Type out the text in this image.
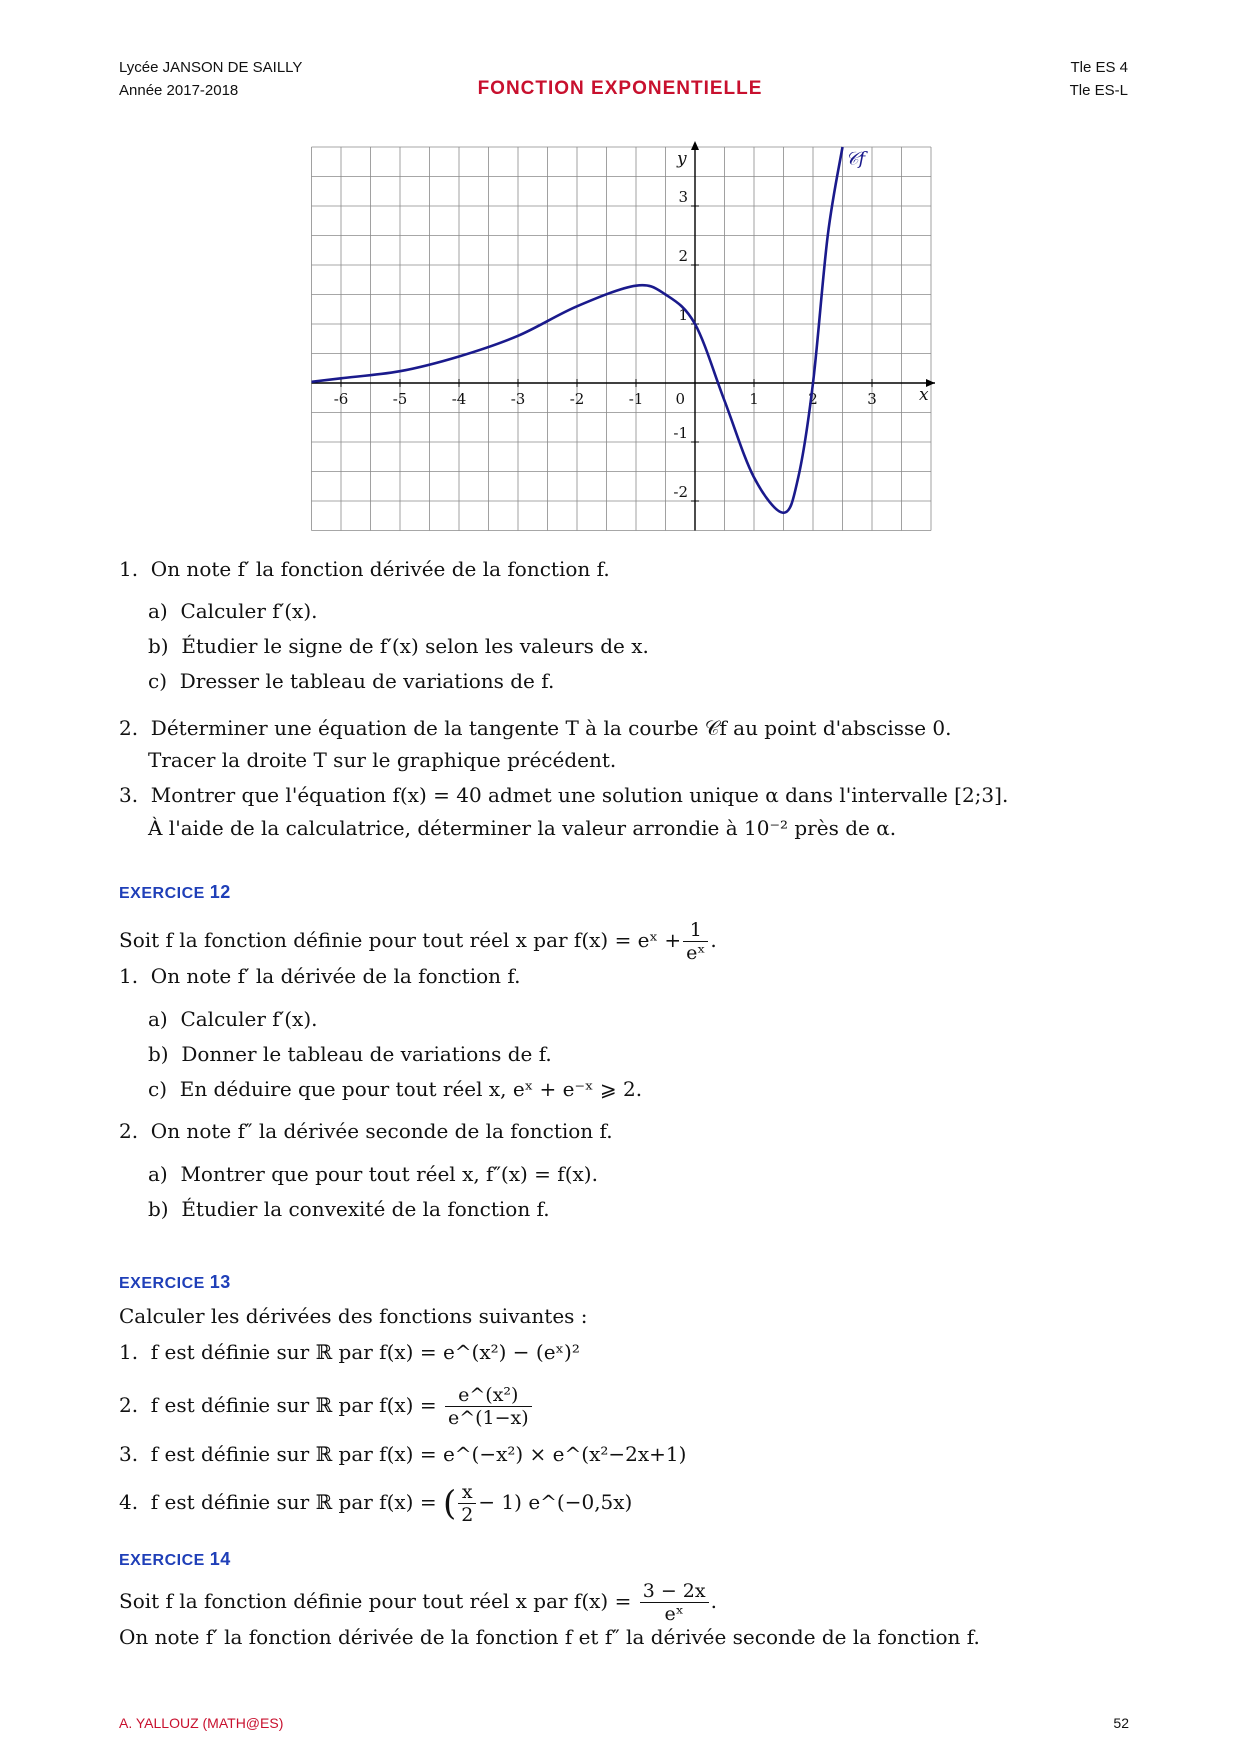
Lycée JANSON DE SAILLY
Année 2017-2018	FONCTION EXPONENTIELLE
Tle ES 4
Tle ES-L
-6	-5	-4	-3	-2	-1	1	2	3
-2
-1
1
2
3
0	x
y	𝒞f
1.  On note f′ la fonction dérivée de la fonction f.
a)  Calculer f′(x).
b)  Étudier le signe de f′(x) selon les valeurs de x.
c)  Dresser le tableau de variations de f.
2.  Déterminer une équation de la tangente T à la courbe 𝒞f au point d'abscisse 0.
Tracer la droite T sur le graphique précédent.
3.  Montrer que l'équation f(x) = 40 admet une solution unique α dans l'intervalle [2;3].
À l'aide de la calculatrice, déterminer la valeur arrondie à 10⁻² près de α.
EXERCICE 12
Soit f la fonction définie pour tout réel x par f(x) = eˣ + $\frac{1}{\text{eˣ}}$ .
1.  On note f′ la dérivée de la fonction f.
a)  Calculer f′(x).
b)  Donner le tableau de variations de f.
c)  En déduire que pour tout réel x, eˣ + e⁻ˣ ⩾ 2.
2.  On note f″ la dérivée seconde de la fonction f.
a)  Montrer que pour tout réel x, f″(x) = f(x).
b)  Étudier la convexité de la fonction f.
EXERCICE 13
Calculer les dérivées des fonctions suivantes :
1.  f est définie sur ℝ par f(x) = e^(x²) − (eˣ)²
2.  f est définie sur ℝ par $f(x) = \frac{\text{e\textasciicircum{}(x²)}}{e\^{}(1-x)}$
3.  f est définie sur ℝ par f(x) = e^(−x²) × e^(x²−2x+1)
4.  f est définie sur ℝ par f(x) = ( $\frac{x}{2} - 1$) e^(−0,5x)
EXERCICE 14
Soit f la fonction définie pour tout réel x par $f(x) = \frac{3 - 2x}{\text{eˣ}}$ .
On note f′ la fonction dérivée de la fonction f et f″ la dérivée seconde de la fonction f.
A. YALLOUZ (MATH@ES)	52
